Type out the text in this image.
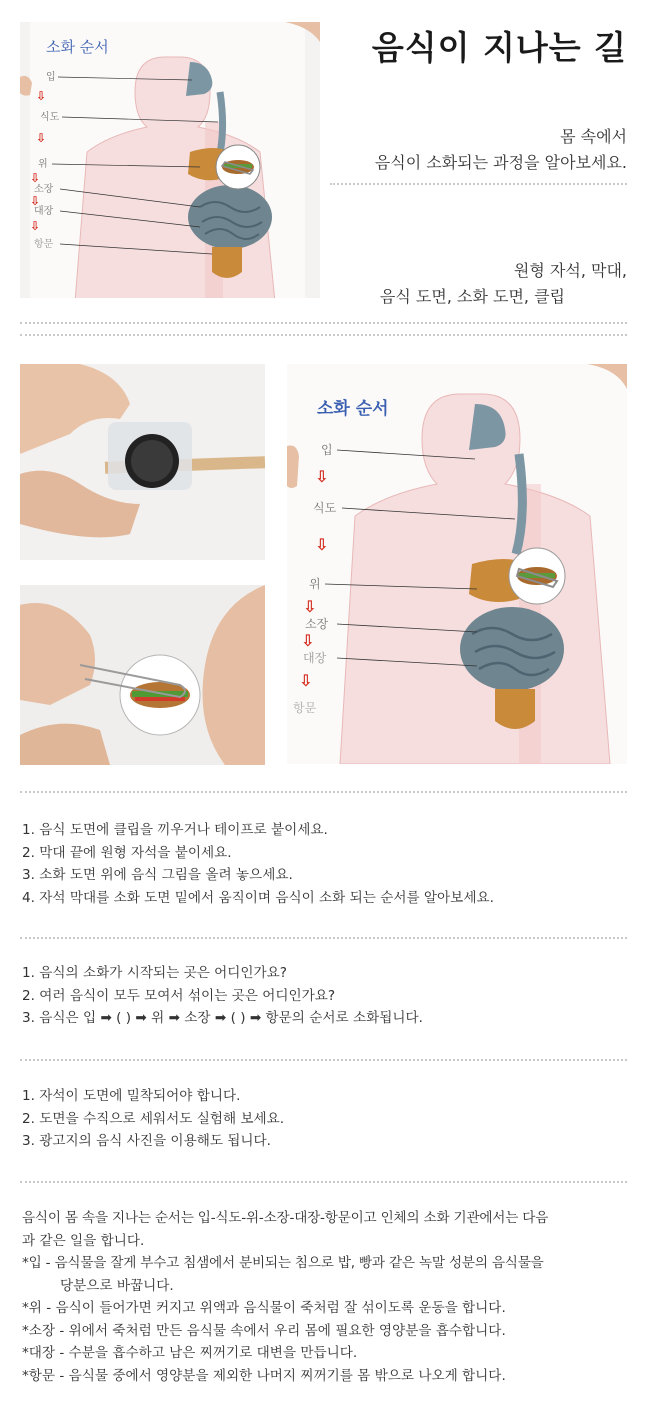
소화 순서
입
⇩
식도
⇩
위
⇩
소장
⇩
대장
⇩
항문
음식이 지나는 길
몸 속에서
음식이 소화되는 과정을 알아보세요.
원형 자석, 막대,
음식 도면, 소화 도면, 클립
소화 순서
입
⇩
식도
⇩
위
⇩
소장
⇩
대장
⇩
항문
1. 음식 도면에 클립을 끼우거나 테이프로 붙이세요.
2. 막대 끝에 원형 자석을 붙이세요.
3. 소화 도면 위에 음식 그림을 올려 놓으세요.
4. 자석 막대를 소화 도면 밑에서 움직이며 음식이 소화 되는 순서를 알아보세요.
1. 음식의 소화가 시작되는 곳은 어디인가요?
2. 여러 음식이 모두 모여서 섞이는 곳은 어디인가요?
3. 음식은 입 ➡ ( ) ➡ 위 ➡ 소장 ➡ ( ) ➡ 항문의 순서로 소화됩니다.
1. 자석이 도면에 밀착되어야 합니다.
2. 도면을 수직으로 세워서도 실험해 보세요.
3. 광고지의 음식 사진을 이용해도 됩니다.
음식이 몸 속을 지나는 순서는 입-식도-위-소장-대장-항문이고 인체의 소화 기관에서는 다음
과 같은 일을 합니다.
*입 - 음식물을 잘게 부수고 침샘에서 분비되는 침으로 밥, 빵과 같은 녹말 성분의 음식물을
당분으로 바꿉니다.
*위 - 음식이 들어가면 커지고 위액과 음식물이 죽처럼 잘 섞이도록 운동을 합니다.
*소장 - 위에서 죽처럼 만든 음식물 속에서 우리 몸에 필요한 영양분을 흡수합니다.
*대장 - 수분을 흡수하고 남은 찌꺼기로 대변을 만듭니다.
*항문 - 음식물 중에서 영양분을 제외한 나머지 찌꺼기를 몸 밖으로 나오게 합니다.
